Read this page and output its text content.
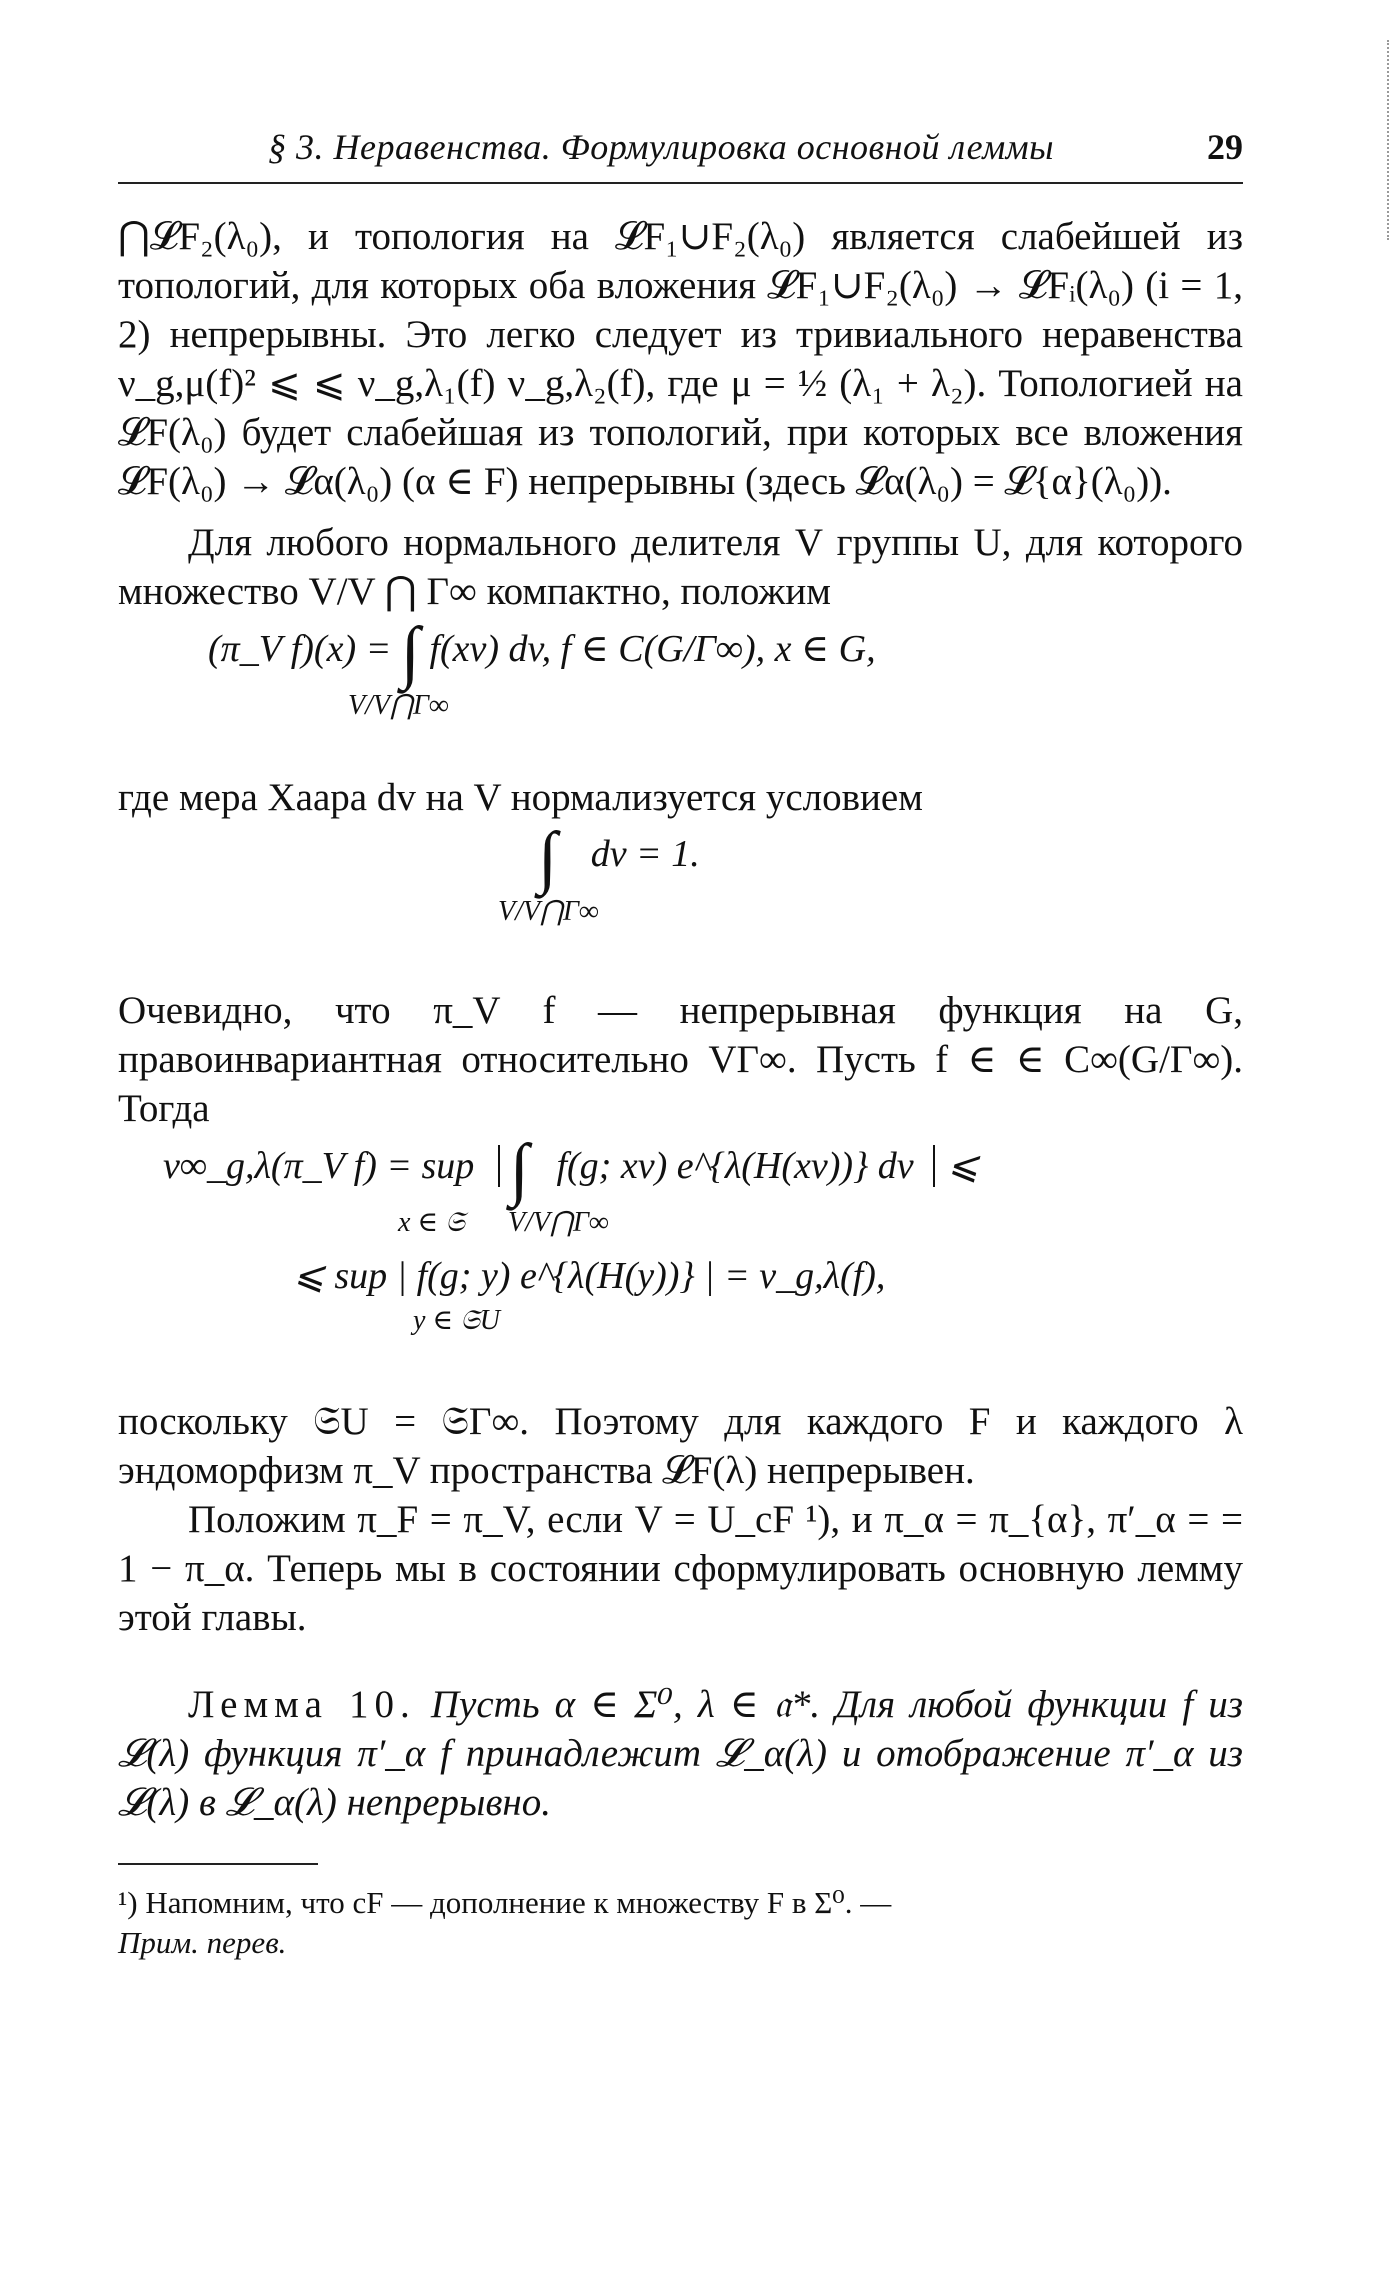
§ 3. Неравенства. Формулировка основной леммы	29

⋂𝓛F₂(λ₀), и топология на 𝓛F₁∪F₂(λ₀) является слабейшей из топологий, для которых оба вложения 𝓛F₁∪F₂(λ₀) → 𝓛Fᵢ(λ₀) (i = 1, 2) непрерывны. Это легко следует из тривиального неравенства ν_g,μ(f)² ⩽ ⩽ ν_g,λ₁(f) ν_g,λ₂(f), где μ = ½ (λ₁ + λ₂). Топологией на 𝓛F(λ₀) будет слабейшая из топологий, при которых все вложения 𝓛F(λ₀) → 𝓛α(λ₀) (α ∈ F) непрерывны (здесь 𝓛α(λ₀) = 𝓛{α}(λ₀)).

Для любого нормального делителя V группы U, для которого множество V/V ⋂ Γ∞ компактно, положим

(π_V f)(x) = ∫ f(xv) dv, f ∈ C(G/Γ∞), x ∈ G,
V/V⋂Γ∞

где мера Хаара dv на V нормализуется условием

∫ dv = 1.
V/V⋂Γ∞

Очевидно, что π_V f — непрерывная функция на G, правоинвариантная относительно VΓ∞. Пусть f ∈ ∈ C∞(G/Γ∞). Тогда

ν∞_g,λ(π_V f) = sup ∫ f(g; xv) e^{λ(H(xv))} dv ⩽
x ∈ 𝔖 V/V⋂Γ∞
⩽ sup | f(g; y) e^{λ(H(y))} | = ν_g,λ(f),
y ∈ 𝔖U

поскольку 𝔖U = 𝔖Γ∞. Поэтому для каждого F и каждого λ эндоморфизм π_V пространства 𝓛F(λ) непрерывен.

Положим π_F = π_V, если V = U_cF ¹), и π_α = π_{α}, π′_α = = 1 − π_α. Теперь мы в состоянии сформулировать основную лемму этой главы.

Лемма 10. Пусть α ∈ Σ⁰, λ ∈ 𝔞*. Для любой функции f из 𝓛(λ) функция π′_α f принадлежит 𝓛_α(λ) и отображение π′_α из 𝓛(λ) в 𝓛_α(λ) непрерывно.

¹) Напомним, что cF — дополнение к множеству F в Σ⁰. —
Прим. перев.
